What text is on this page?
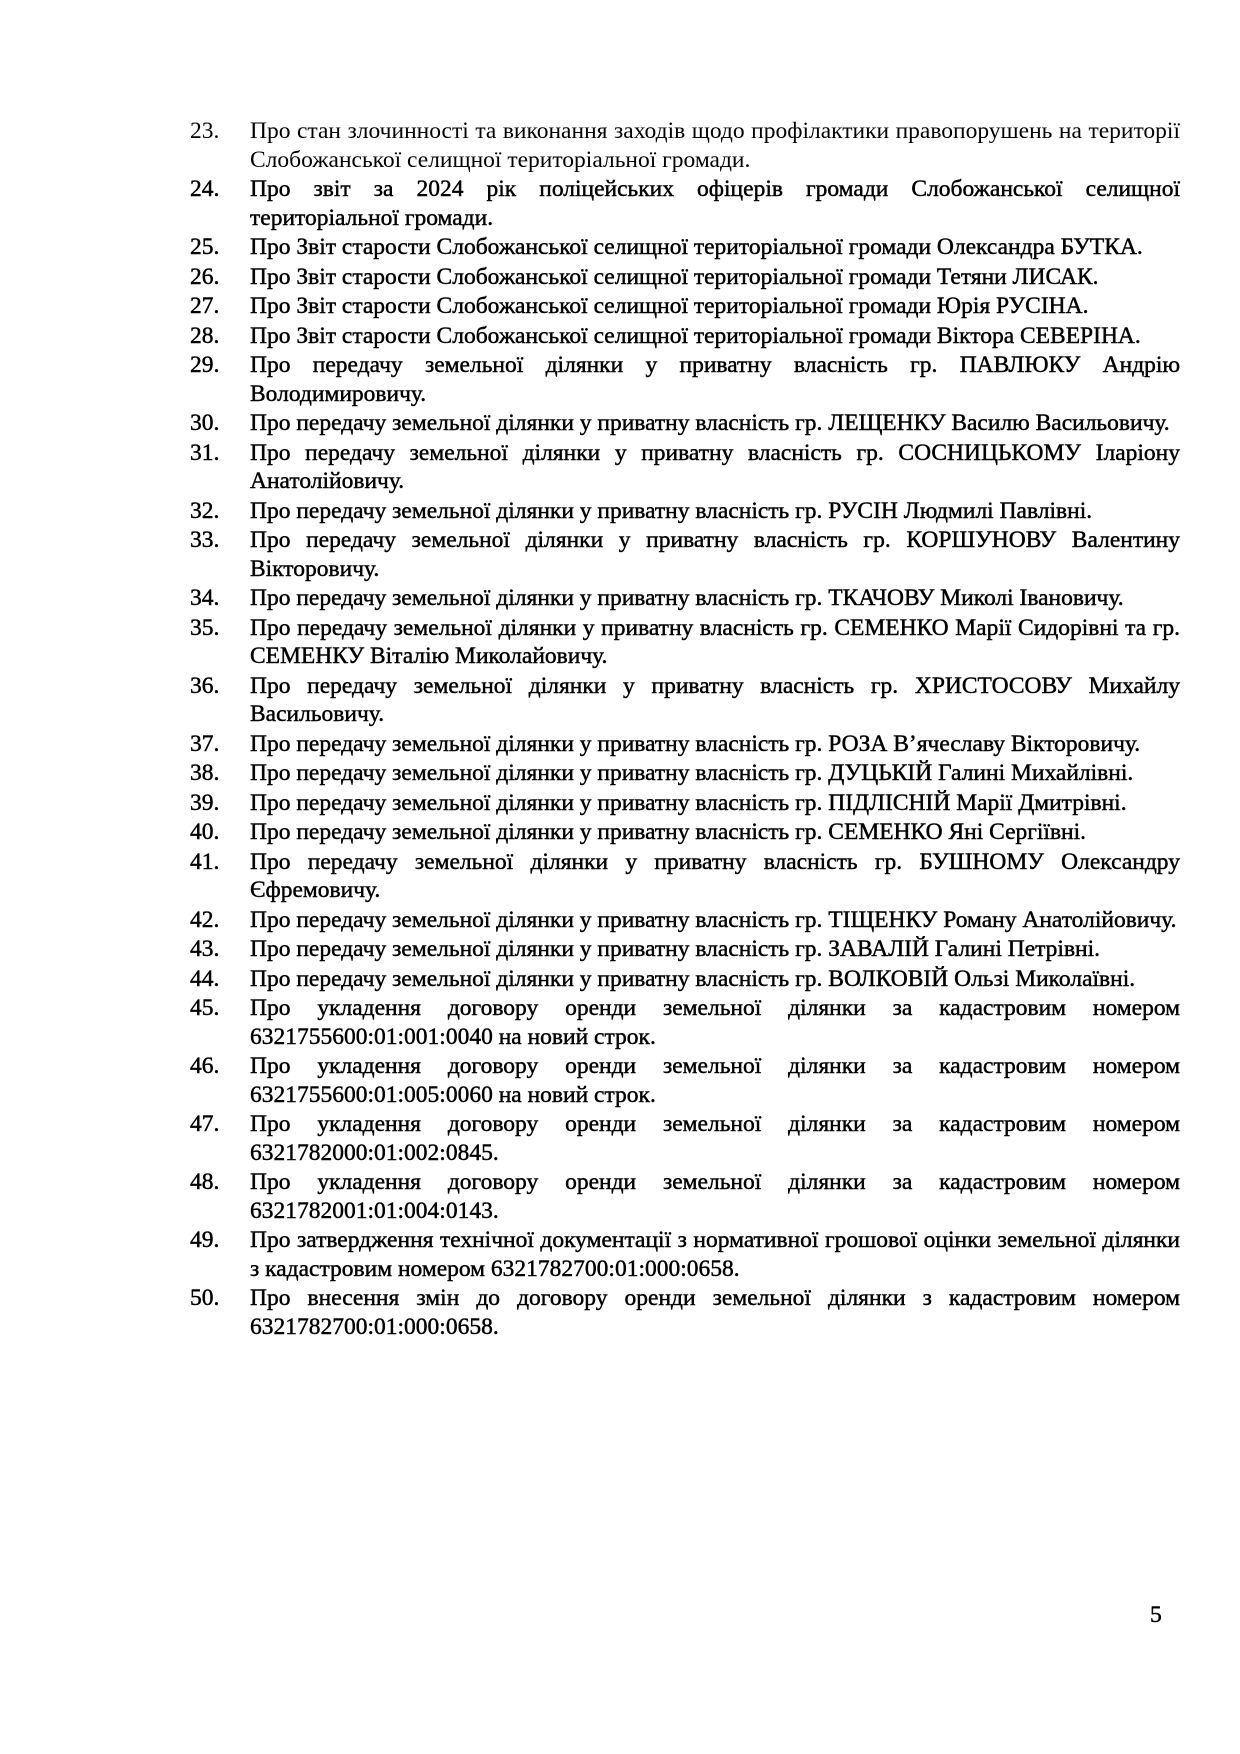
23.	Про стан злочинності та виконання заходів щодо профілактики правопорушень на території Слобожанської селищної територіальної громади.
24.	Про звіт за 2024 рік поліцейських офіцерів громади Слобожанської селищної територіальної громади.
25.	Про Звіт старости Слобожанської селищної територіальної громади Олександра БУТКА.
26.	Про Звіт старости Слобожанської селищної територіальної громади Тетяни ЛИСАК.
27.	Про Звіт старости Слобожанської селищної територіальної громади Юрія РУСІНА.
28.	Про Звіт старости Слобожанської селищної територіальної громади Віктора СЕВЕРІНА.
29.	Про передачу земельної ділянки у приватну власність гр. ПАВЛЮКУ Андрію Володимировичу.
30.	Про передачу земельної ділянки у приватну власність гр. ЛЕЩЕНКУ Василю Васильовичу.
31.	Про передачу земельної ділянки у приватну власність гр. СОСНИЦЬКОМУ Іларіону Анатолійовичу.
32.	Про передачу земельної ділянки у приватну власність гр. РУСІН Людмилі Павлівні.
33.	Про передачу земельної ділянки у приватну власність гр. КОРШУНОВУ Валентину Вікторовичу.
34.	Про передачу земельної ділянки у приватну власність гр. ТКАЧОВУ Миколі Івановичу.
35.	Про передачу земельної ділянки у приватну власність гр. СЕМЕНКО Марії Сидорівні та гр. СЕМЕНКУ Віталію Миколайовичу.
36.	Про передачу земельної ділянки у приватну власність гр. ХРИСТОСОВУ Михайлу Васильовичу.
37.	Про передачу земельної ділянки у приватну власність гр. РОЗА В’ячеславу Вікторовичу.
38.	Про передачу земельної ділянки у приватну власність гр. ДУЦЬКІЙ Галині Михайлівні.
39.	Про передачу земельної ділянки у приватну власність гр. ПІДЛІСНІЙ Марії Дмитрівні.
40.	Про передачу земельної ділянки у приватну власність гр. СЕМЕНКО Яні Сергіївні.
41.	Про передачу земельної ділянки у приватну власність гр. БУШНОМУ Олександру Єфремовичу.
42.	Про передачу земельної ділянки у приватну власність гр. ТІЩЕНКУ Роману Анатолійовичу.
43.	Про передачу земельної ділянки у приватну власність гр. ЗАВАЛІЙ Галині Петрівні.
44.	Про передачу земельної ділянки у приватну власність гр. ВОЛКОВІЙ Ользі Миколаївні.
45.	Про укладення договору оренди земельної ділянки за кадастровим номером 6321755600:01:001:0040 на новий строк.
46.	Про укладення договору оренди земельної ділянки за кадастровим номером 6321755600:01:005:0060 на новий строк.
47.	Про укладення договору оренди земельної ділянки за кадастровим номером 6321782000:01:002:0845.
48.	Про укладення договору оренди земельної ділянки за кадастровим номером 6321782001:01:004:0143.
49.	Про затвердження технічної документації з нормативної грошової оцінки земельної ділянки з кадастровим номером 6321782700:01:000:0658.
50.	Про внесення змін до договору оренди земельної ділянки з кадастровим номером 6321782700:01:000:0658.
5
